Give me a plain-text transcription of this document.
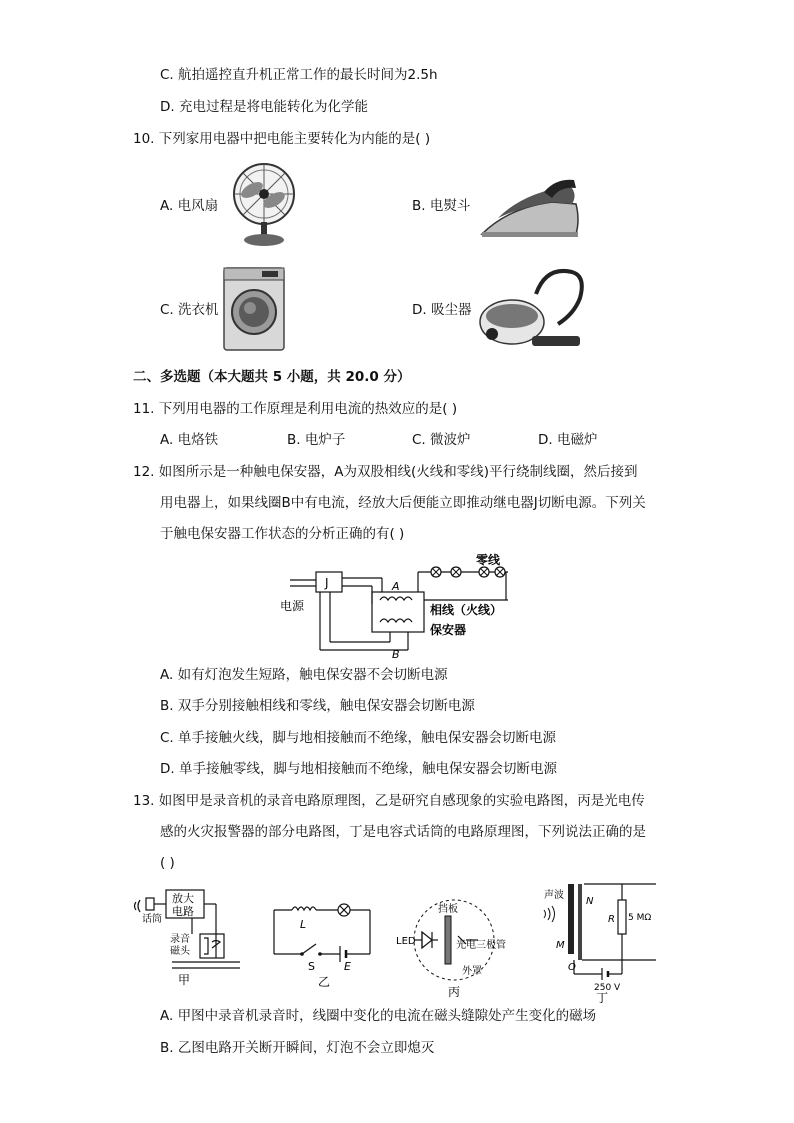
C. 航拍遥控直升机正常工作的最长时间为2.5h
D. 充电过程是将电能转化为化学能
10. 下列家用电器中把电能主要转化为内能的是( )
A. 电风扇	B. 电熨斗
C. 洗衣机	D. 吸尘器
二、多选题（本大题共 5 小题，共 20.0 分）
11. 下列用电器的工作原理是利用电流的热效应的是( )
A. 电烙铁	B. 电炉子	C. 微波炉	D. 电磁炉
12. 如图所示是一种触电保安器，A为双股相线(火线和零线)平行绕制线圈，然后接到
用电器上，如果线圈B中有电流，经放大后便能立即推动继电器J切断电源。下列关
于触电保安器工作状态的分析正确的有( )
电源
J	A
B
零线
相线（火线）
保安器
A. 如有灯泡发生短路，触电保安器不会切断电源
B. 双手分别接触相线和零线，触电保安器会切断电源
C. 单手接触火线，脚与地相接触而不绝缘，触电保安器会切断电源
D. 单手接触零线，脚与地相接触而不绝缘，触电保安器会切断电源
13. 如图甲是录音机的录音电路原理图，乙是研究自感现象的实验电路图，丙是光电传
感的火灾报警器的部分电路图，丁是电容式话筒的电路原理图，下列说法正确的是
( )
放大
电路
话筒
录音
磁头
甲
L
S	E
乙
LED
挡板
光电三极管
外罩
丙
声波
N
M
O
R 5 MΩ
250 V
丁
A. 甲图中录音机录音时，线圈中变化的电流在磁头缝隙处产生变化的磁场
B. 乙图电路开关断开瞬间，灯泡不会立即熄灭
